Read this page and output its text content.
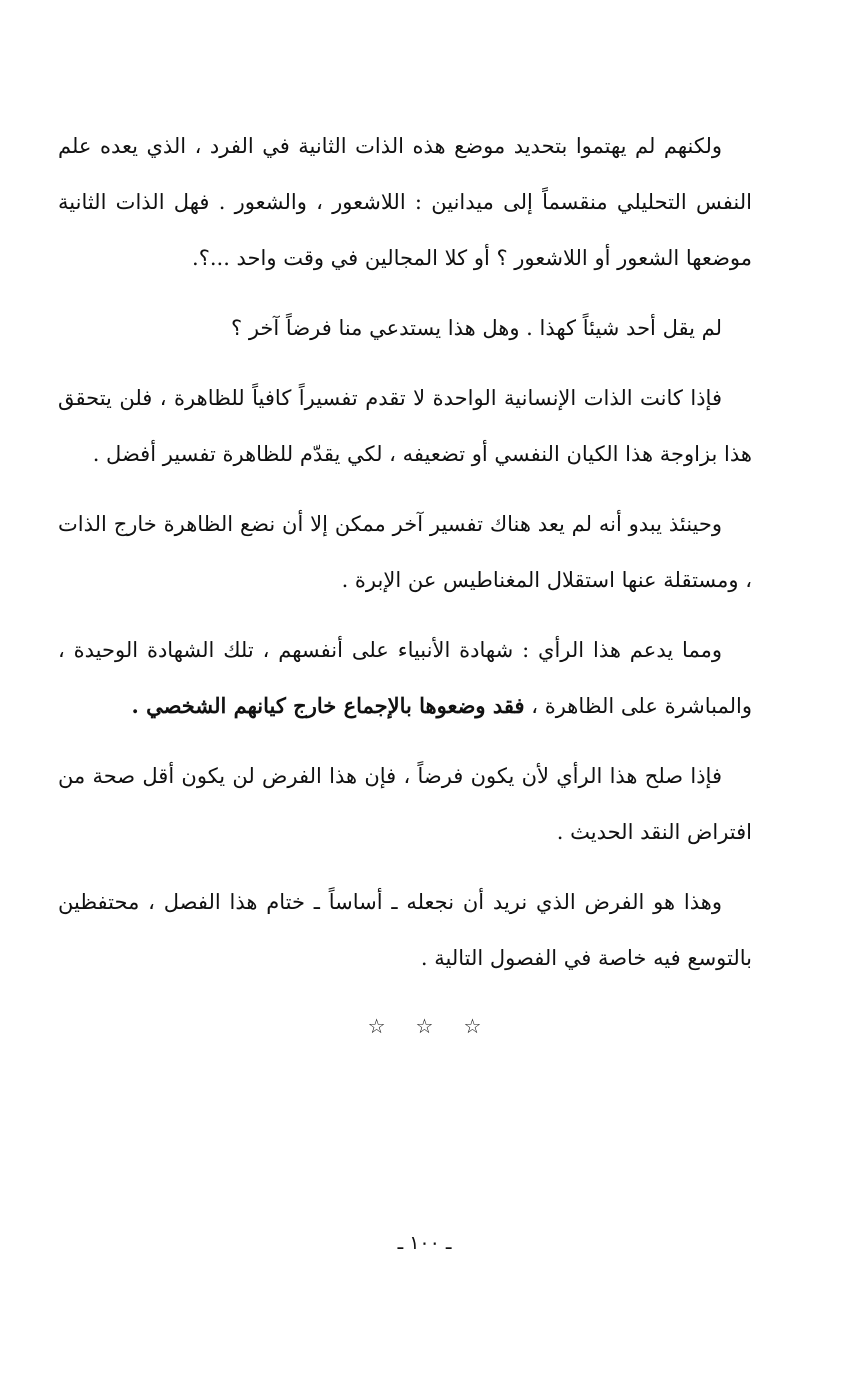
ولكنهم لم يهتموا بتحديد موضع هذه الذات الثانية في الفرد ، الذي يعده علم النفس التحليلي منقسماً إلى ميدانين : اللاشعور ، والشعور . فهل الذات الثانية موضعها الشعور أو اللاشعور ؟ أو كلا المجالين في وقت واحد ...؟.

لم يقل أحد شيئاً كهذا . وهل هذا يستدعي منا فرضاً آخر ؟

فإذا كانت الذات الإنسانية الواحدة لا تقدم تفسيراً كافياً للظاهرة ، فلن يتحقق هذا بزاوجة هذا الكيان النفسي أو تضعيفه ، لكي يقدّم للظاهرة تفسير أفضل .

وحينئذ يبدو أنه لم يعد هناك تفسير آخر ممكن إلا أن نضع الظاهرة خارج الذات ، ومستقلة عنها استقلال المغناطيس عن الإبرة .

ومما يدعم هذا الرأي : شهادة الأنبياء على أنفسهم ، تلك الشهادة الوحيدة ، والمباشرة على الظاهرة ، فقد وضعوها بالإجماع خارج كيانهم الشخصي .

فإذا صلح هذا الرأي لأن يكون فرضاً ، فإن هذا الفرض لن يكون أقل صحة من افتراض النقد الحديث .

وهذا هو الفرض الذي نريد أن نجعله ـ أساساً ـ ختام هذا الفصل ، محتفظين بالتوسع فيه خاصة في الفصول التالية .

☆☆☆
ـ ١٠٠ ـ
